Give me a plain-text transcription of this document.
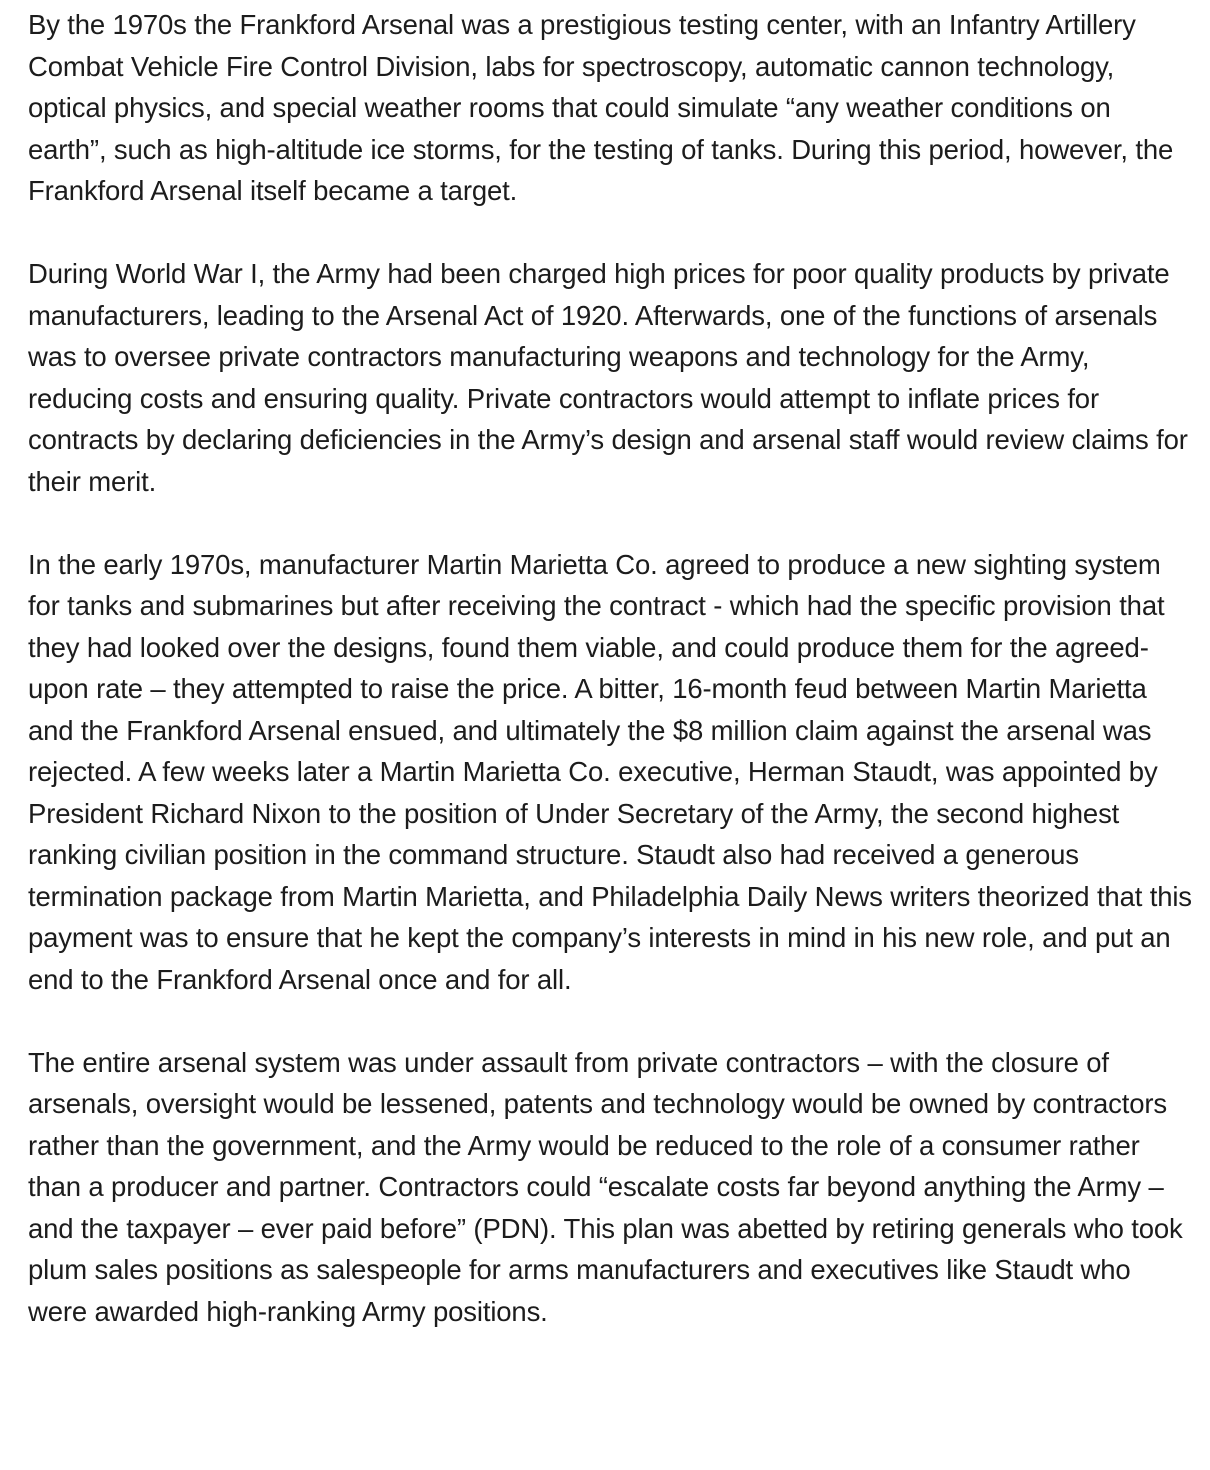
By the 1970s the Frankford Arsenal was a prestigious testing center, with an Infantry Artillery Combat Vehicle Fire Control Division, labs for spectroscopy, automatic cannon technology, optical physics, and special weather rooms that could simulate “any weather conditions on earth”, such as high-altitude ice storms, for the testing of tanks. During this period, however, the Frankford Arsenal itself became a target.

During World War I, the Army had been charged high prices for poor quality products by private manufacturers, leading to the Arsenal Act of 1920. Afterwards, one of the functions of arsenals was to oversee private contractors manufacturing weapons and technology for the Army, reducing costs and ensuring quality. Private contractors would attempt to inflate prices for contracts by declaring deficiencies in the Army’s design and arsenal staff would review claims for their merit.

In the early 1970s, manufacturer Martin Marietta Co. agreed to produce a new sighting system for tanks and submarines but after receiving the contract - which had the specific provision that they had looked over the designs, found them viable, and could produce them for the agreed-upon rate – they attempted to raise the price. A bitter, 16-month feud between Martin Marietta and the Frankford Arsenal ensued, and ultimately the $8 million claim against the arsenal was rejected. A few weeks later a Martin Marietta Co. executive, Herman Staudt, was appointed by President Richard Nixon to the position of Under Secretary of the Army, the second highest ranking civilian position in the command structure. Staudt also had received a generous termination package from Martin Marietta, and Philadelphia Daily News writers theorized that this payment was to ensure that he kept the company’s interests in mind in his new role, and put an end to the Frankford Arsenal once and for all.

The entire arsenal system was under assault from private contractors – with the closure of arsenals, oversight would be lessened, patents and technology would be owned by contractors rather than the government, and the Army would be reduced to the role of a consumer rather than a producer and partner. Contractors could “escalate costs far beyond anything the Army – and the taxpayer – ever paid before” (PDN). This plan was abetted by retiring generals who took plum sales positions as salespeople for arms manufacturers and executives like Staudt who were awarded high-ranking Army positions.
